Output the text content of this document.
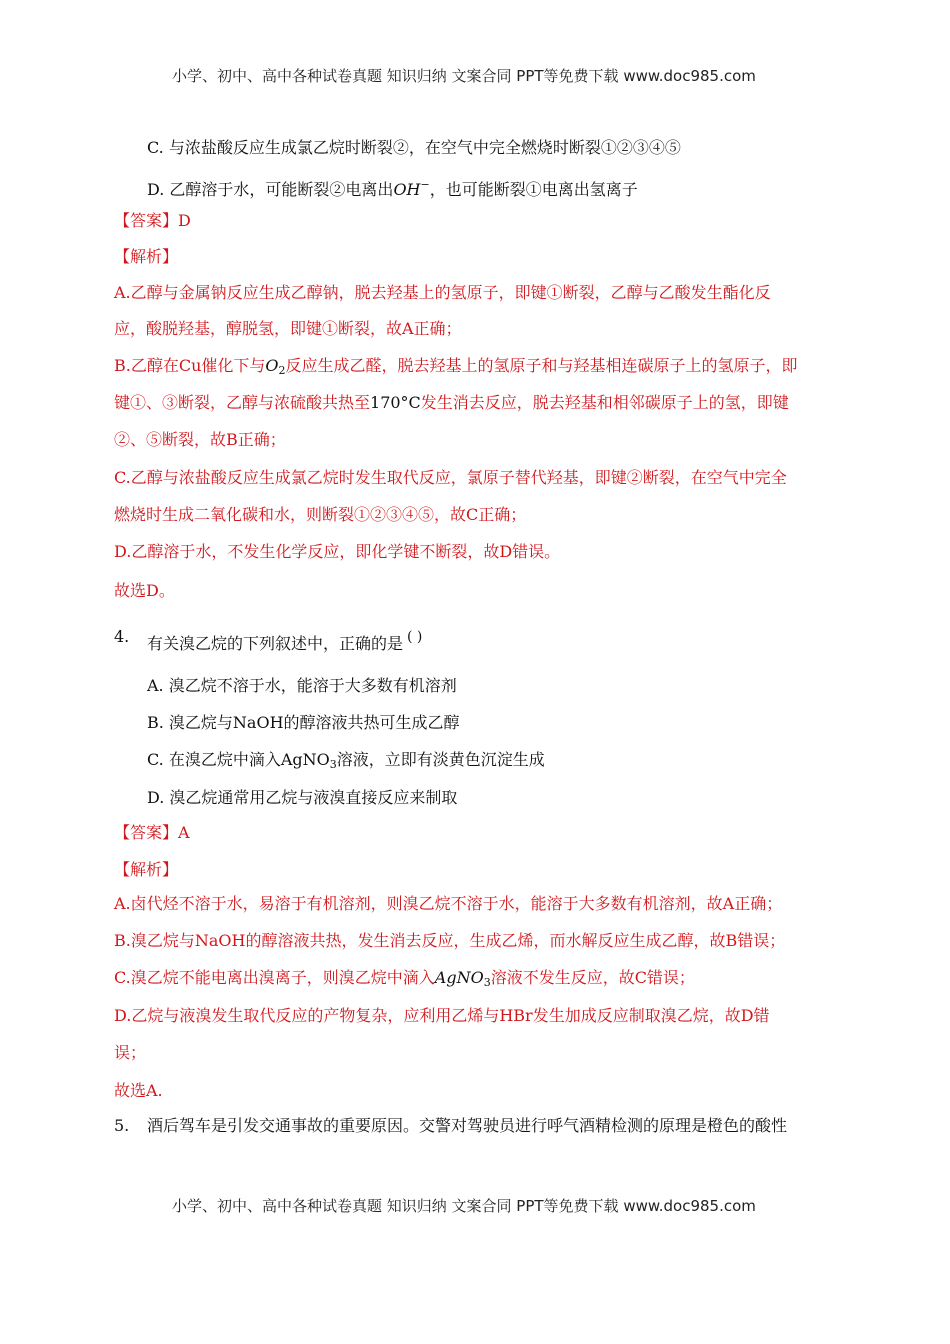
小学、初中、高中各种试卷真题 知识归纳 文案合同 PPT等免费下载 www.doc985.com
C. 与浓盐酸反应生成氯乙烷时断裂②，在空气中完全燃烧时断裂①②③④⑤
D. 乙醇溶于水，可能断裂②电离出OH−，也可能断裂①电离出氢离子
【答案】D
【解析】
A.乙醇与金属钠反应生成乙醇钠，脱去羟基上的氢原子，即键①断裂，乙醇与乙酸发生酯化反
应，酸脱羟基，醇脱氢，即键①断裂，故A正确；
B.乙醇在Cu催化下与$O_2$反应生成乙醛，脱去羟基上的氢原子和与羟基相连碳原子上的氢原子，即
键①、③断裂，乙醇与浓硫酸共热至170°C发生消去反应，脱去羟基和相邻碳原子上的氢，即键
②、⑤断裂，故B正确；
C.乙醇与浓盐酸反应生成氯乙烷时发生取代反应，氯原子替代羟基，即键②断裂，在空气中完全
燃烧时生成二氧化碳和水，则断裂①②③④⑤，故C正确；
D.乙醇溶于水，不发生化学反应，即化学键不断裂，故D错误。
故选D。
4. 有关溴乙烷的下列叙述中，正确的是 ( )
A. 溴乙烷不溶于水，能溶于大多数有机溶剂
B. 溴乙烷与NaOH的醇溶液共热可生成乙醇
C. 在溴乙烷中滴入AgNO$_3$溶液，立即有淡黄色沉淀生成
D. 溴乙烷通常用乙烷与液溴直接反应来制取
【答案】A
【解析】
A.卤代烃不溶于水，易溶于有机溶剂，则溴乙烷不溶于水，能溶于大多数有机溶剂，故A正确；
B.溴乙烷与NaOH的醇溶液共热，发生消去反应，生成乙烯，而水解反应生成乙醇，故B错误；
C.溴乙烷不能电离出溴离子，则溴乙烷中滴入AgNO$_3$溶液不发生反应，故C错误；
D.乙烷与液溴发生取代反应的产物复杂，应利用乙烯与HBr发生加成反应制取溴乙烷，故D错
误；
故选A.
5. 酒后驾车是引发交通事故的重要原因。交警对驾驶员进行呼气酒精检测的原理是橙色的酸性
小学、初中、高中各种试卷真题 知识归纳 文案合同 PPT等免费下载 www.doc985.com
